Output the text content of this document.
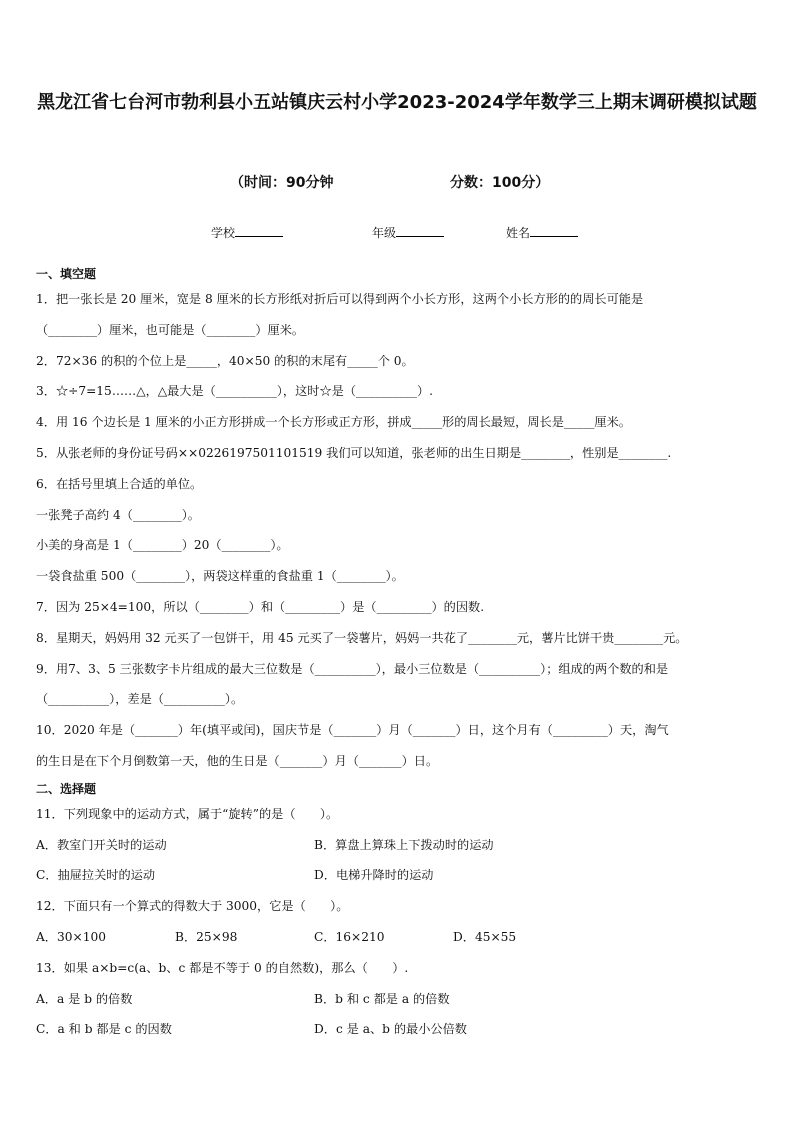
黑龙江省七台河市勃利县小五站镇庆云村小学2023-2024学年数学三上期末调研模拟试题
（时间：90分钟	分数：100分）
学校	年级	姓名
一、填空题
1．把一张长是 20 厘米，宽是 8 厘米的长方形纸对折后可以得到两个小长方形，这两个小长方形的的周长可能是
（________）厘米，也可能是（________）厘米。
2．72×36 的积的个位上是_____，40×50 的积的末尾有_____个 0。
3．☆÷7=15……△，△最大是（__________），这时☆是（__________）.
4．用 16 个边长是 1 厘米的小正方形拼成一个长方形或正方形，拼成_____形的周长最短，周长是_____厘米。
5．从张老师的身份证号码××0226197501101519 我们可以知道，张老师的出生日期是________，性别是________.
6．在括号里填上合适的单位。
一张凳子高约 4（________）。
小美的身高是 1（________）20（________）。
一袋食盐重 500（________），两袋这样重的食盐重 1（________）。
7．因为 25×4=100，所以（________）和（_________）是（_________）的因数.
8．星期天，妈妈用 32 元买了一包饼干，用 45 元买了一袋薯片，妈妈一共花了________元，薯片比饼干贵________元。
9．用7、3、5 三张数字卡片组成的最大三位数是（__________），最小三位数是（__________）；组成的两个数的和是
（__________），差是（__________）。
10．2020 年是（_______）年(填平或闰)，国庆节是（_______）月（_______）日，这个月有（_________）天，淘气
的生日是在下个月倒数第一天，他的生日是（_______）月（_______）日。
二、选择题
11．下列现象中的运动方式，属于“旋转”的是（　　）。
A．教室门开关时的运动	B．算盘上算珠上下拨动时的运动
C．抽屉拉关时的运动	D．电梯升降时的运动
12．下面只有一个算式的得数大于 3000，它是（　　）。
A．30×100	B．25×98	C．16×210	D．45×55
13．如果 a×b=c(a、b、c 都是不等于 0 的自然数)，那么（　　）.
A．a 是 b 的倍数	B．b 和 c 都是 a 的倍数
C．a 和 b 都是 c 的因数	D．c 是 a、b 的最小公倍数
